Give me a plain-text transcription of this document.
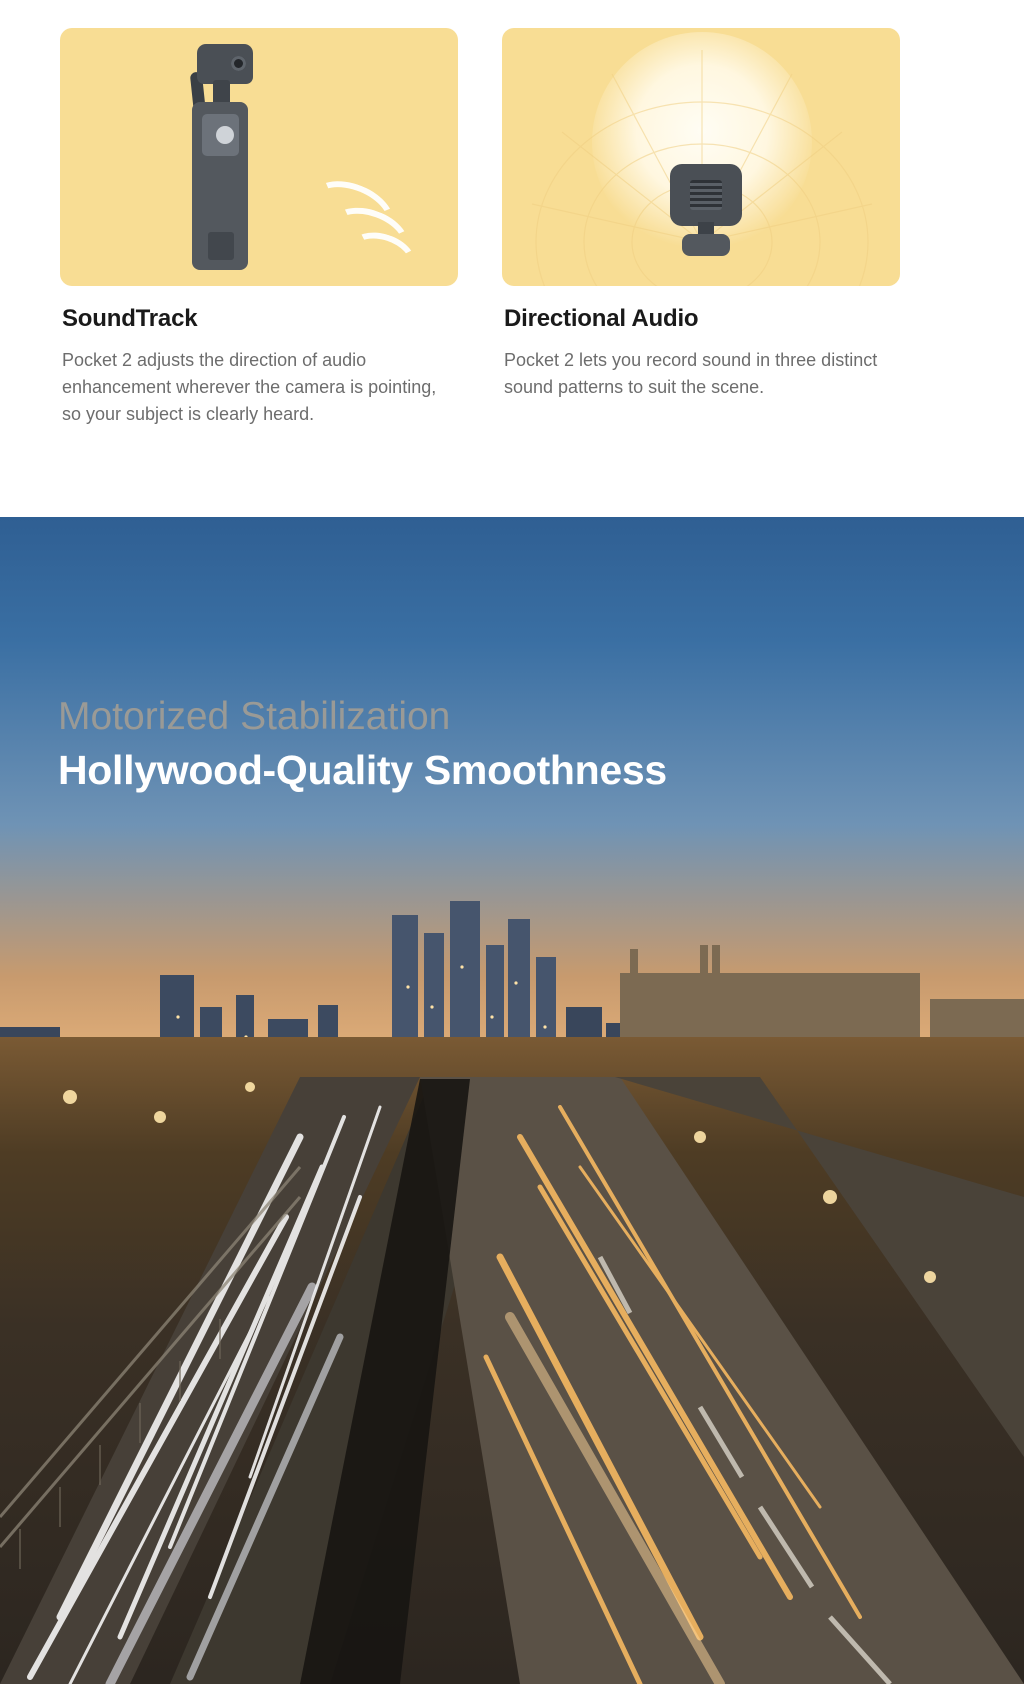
SoundTrack

Pocket 2 adjusts the direction of audio enhancement wherever the camera is pointing, so your subject is clearly heard.

Directional Audio

Pocket 2 lets you record sound in three distinct sound patterns to suit the scene.

Motorized Stabilization
Hollywood-Quality Smoothness
